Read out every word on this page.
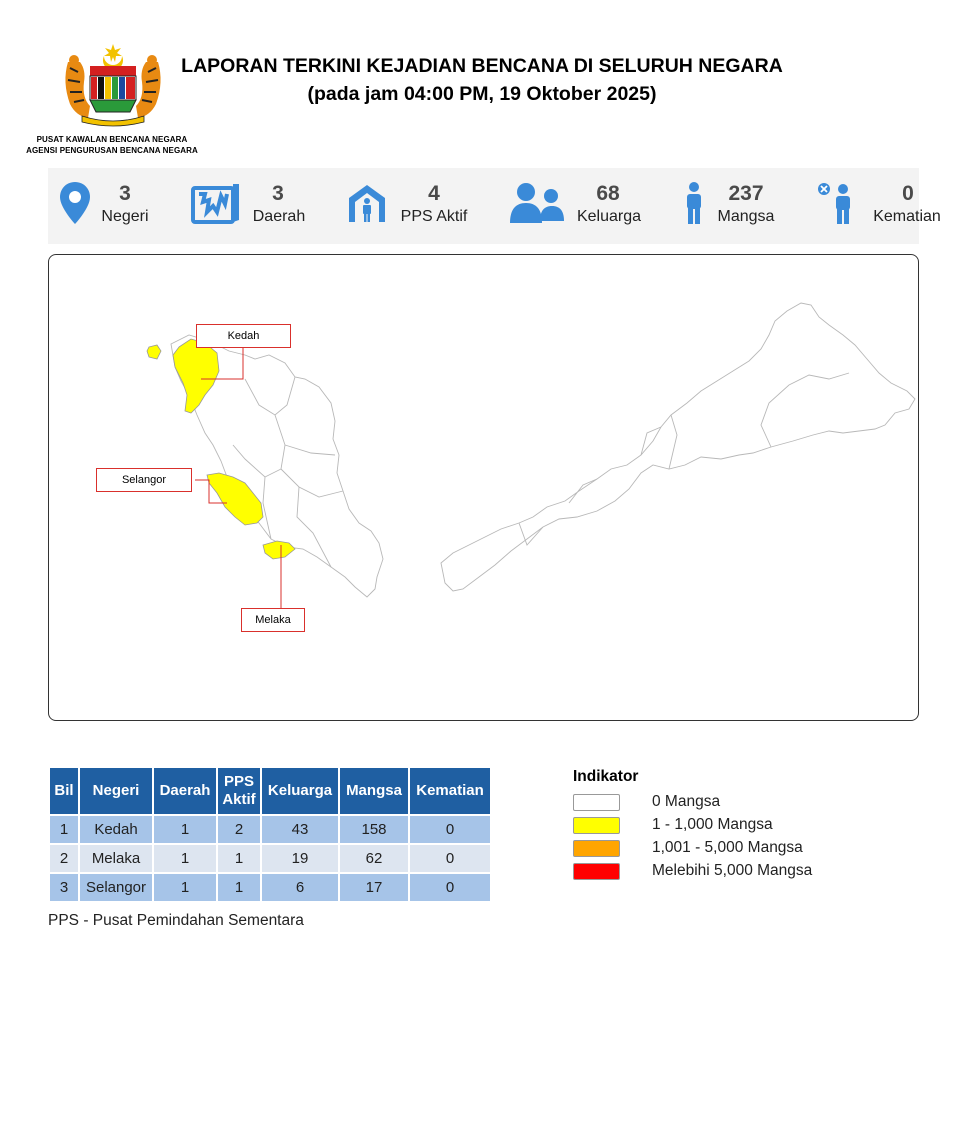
PUSAT KAWALAN BENCANA NEGARA
AGENSI PENGURUSAN BENCANA NEGARA
LAPORAN TERKINI KEJADIAN BENCANA DI SELURUH NEGARA
(pada jam 04:00 PM, 19 Oktober 2025)
3
Negeri
3
Daerah
4
PPS Aktif
68
Keluarga
237
Mangsa
0
Kematian
Kedah
Selangor
Melaka
Bil	Negeri	Daerah	PPS Aktif	Keluarga	Mangsa	Kematian
1	Kedah	1	2	43	158	0
2	Melaka	1	1	19	62	0
3	Selangor	1	1	6	17	0
PPS - Pusat Pemindahan Sementara
Indikator
0 Mangsa
1 - 1,000 Mangsa
1,001 - 5,000 Mangsa
Melebihi 5,000 Mangsa
